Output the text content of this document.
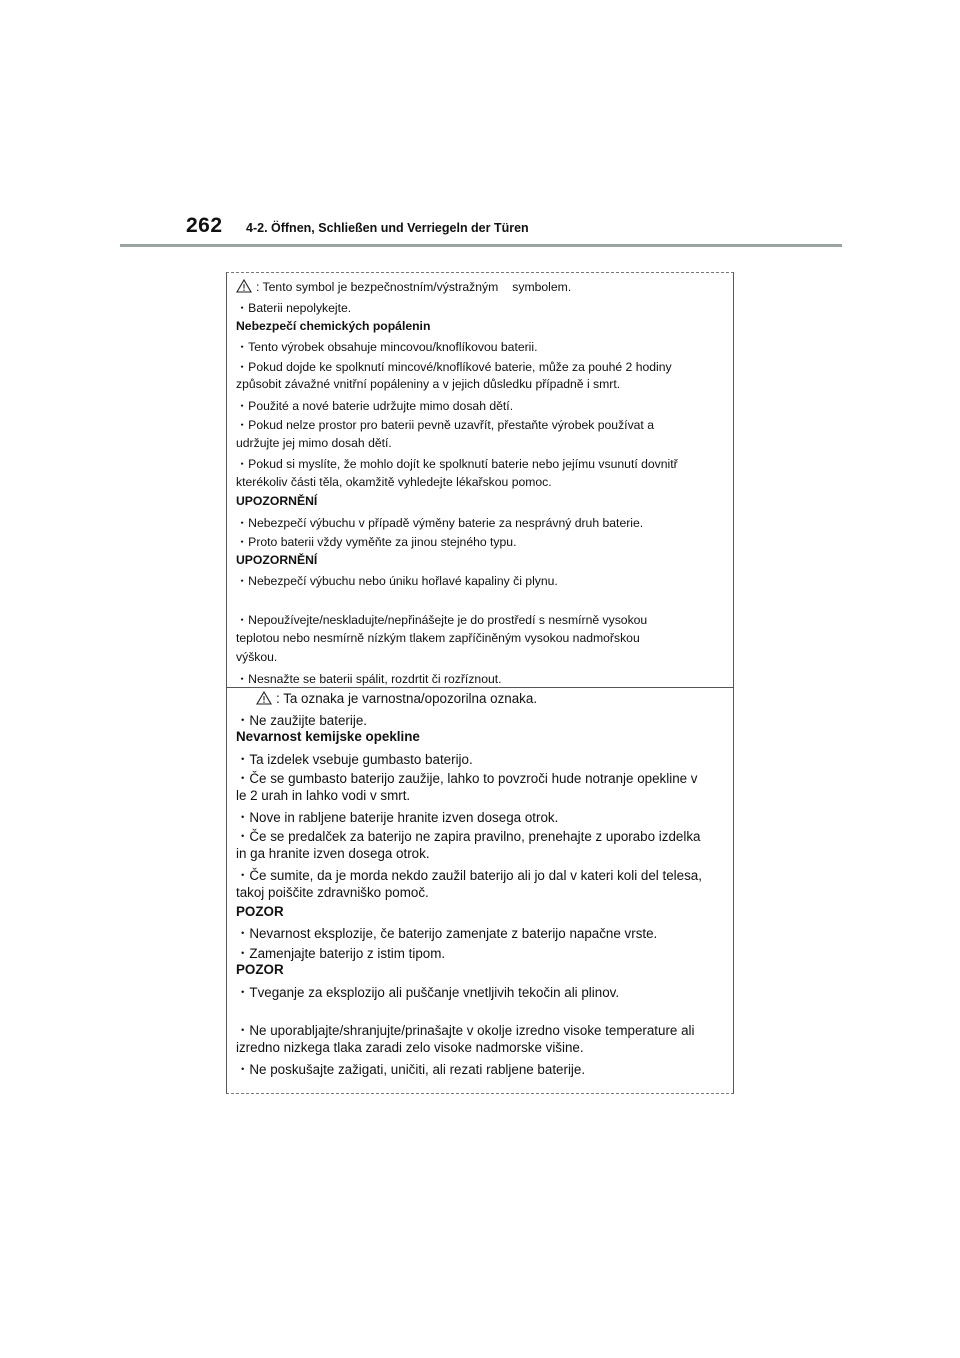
262 4-2. Öffnen, Schließen und Verriegeln der Türen
: Tento symbol je bezpečnostním/výstražným symbolem.
・Baterii nepolykejte.
Nebezpečí chemických popálenin
・Tento výrobek obsahuje mincovou/knoflíkovou baterii.
・Pokud dojde ke spolknutí mincové/knoflíkové baterie, může za pouhé 2 hodiny
způsobit závažné vnitřní popáleniny a v jejich důsledku případně i smrt.
・Použité a nové baterie udržujte mimo dosah dětí.
・Pokud nelze prostor pro baterii pevně uzavřít, přestaňte výrobek používat a
udržujte jej mimo dosah dětí.
・Pokud si myslíte, že mohlo dojít ke spolknutí baterie nebo jejímu vsunutí dovnitř
kterékoliv části těla, okamžitě vyhledejte lékařskou pomoc.
UPOZORNĚNÍ
・Nebezpečí výbuchu v případě výměny baterie za nesprávný druh baterie.
・Proto baterii vždy vyměňte za jinou stejného typu.
UPOZORNĚNÍ
・Nebezpečí výbuchu nebo úniku hořlavé kapaliny či plynu.
・Nepoužívejte/neskladujte/nepřinášejte je do prostředí s nesmírně vysokou
teplotou nebo nesmírně nízkým tlakem zapříčiněným vysokou nadmořskou
výškou.
・Nesnažte se baterii spálit, rozdrtit či rozříznout.
: Ta oznaka je varnostna/opozorilna oznaka.
・Ne zaužijte baterije.
Nevarnost kemijske opekline
・Ta izdelek vsebuje gumbasto baterijo.
・Če se gumbasto baterijo zaužije, lahko to povzroči hude notranje opekline v
le 2 urah in lahko vodi v smrt.
・Nove in rabljene baterije hranite izven dosega otrok.
・Če se predalček za baterijo ne zapira pravilno, prenehajte z uporabo izdelka
in ga hranite izven dosega otrok.
・Če sumite, da je morda nekdo zaužil baterijo ali jo dal v kateri koli del telesa,
takoj poiščite zdravniško pomoč.
POZOR
・Nevarnost eksplozije, če baterijo zamenjate z baterijo napačne vrste.
・Zamenjajte baterijo z istim tipom.
POZOR
・Tveganje za eksplozijo ali puščanje vnetljivih tekočin ali plinov.
・Ne uporabljajte/shranjujte/prinašajte v okolje izredno visoke temperature ali
izredno nizkega tlaka zaradi zelo visoke nadmorske višine.
・Ne poskušajte zažigati, uničiti, ali rezati rabljene baterije.
